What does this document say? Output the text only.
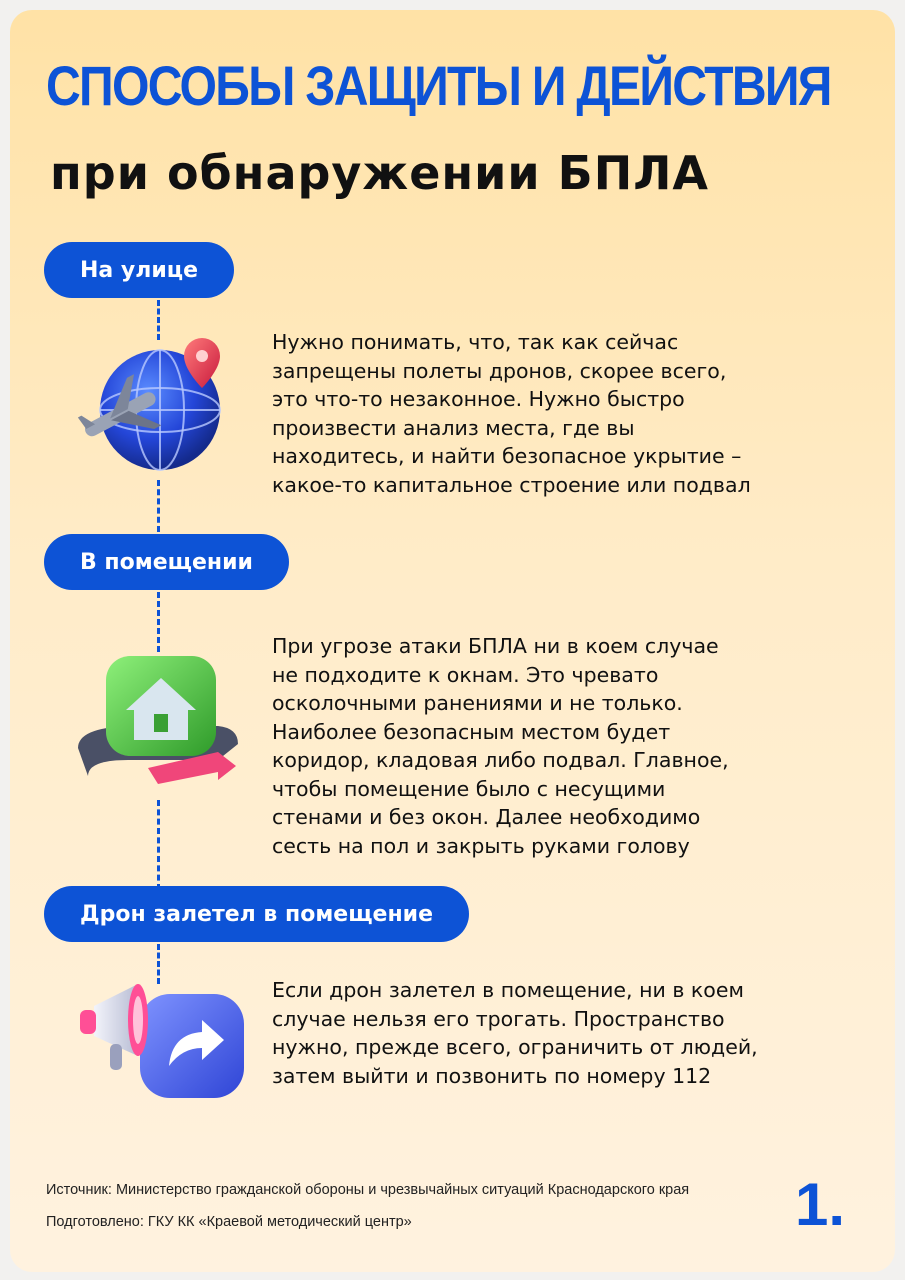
СПОСОБЫ ЗАЩИТЫ И ДЕЙСТВИЯ
при обнаружении БПЛА
На улице
Нужно понимать, что, так как сейчас
запрещены полеты дронов, скорее всего,
это что-то незаконное. Нужно быстро
произвести анализ места, где вы
находитесь, и найти безопасное укрытие –
какое-то капитальное строение или подвал
В помещении
При угрозе атаки БПЛА ни в коем случае
не подходите к окнам. Это чревато
осколочными ранениями и не только.
Наиболее безопасным местом будет
коридор, кладовая либо подвал. Главное,
чтобы помещение было с несущими
стенами и без окон. Далее необходимо
сесть на пол и закрыть руками голову
Дрон залетел в помещение
Если дрон залетел в помещение, ни в коем
случае нельзя его трогать. Пространство
нужно, прежде всего, ограничить от людей,
затем выйти и позвонить по номеру 112
Источник: Министерство гражданской обороны и чрезвычайных ситуаций Краснодарского края
Подготовлено: ГКУ КК «Краевой методический центр»	1.
